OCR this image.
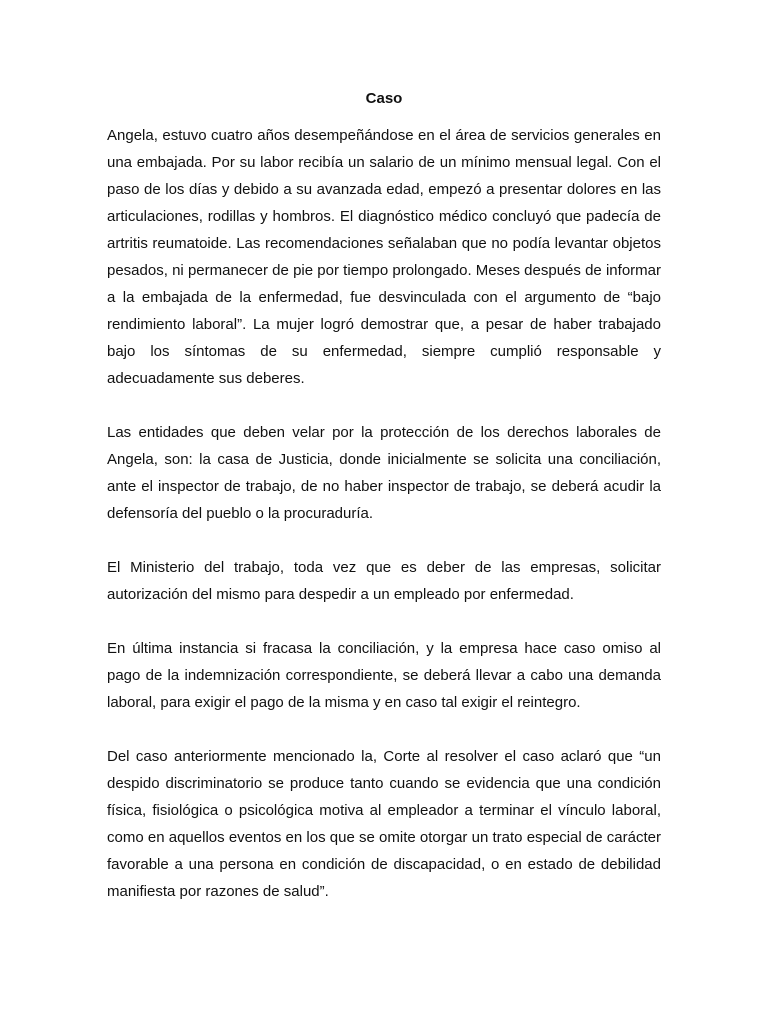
Caso

Angela, estuvo cuatro años desempeñándose en el área de servicios generales en una embajada. Por su labor recibía un salario de un mínimo mensual legal. Con el paso de los días y debido a su avanzada edad, empezó a presentar dolores en las articulaciones, rodillas y hombros. El diagnóstico médico concluyó que padecía de artritis reumatoide. Las recomendaciones señalaban que no podía levantar objetos pesados, ni permanecer de pie por tiempo prolongado. Meses después de informar a la embajada de la enfermedad, fue desvinculada con el argumento de “bajo rendimiento laboral”. La mujer logró demostrar que, a pesar de haber trabajado bajo los síntomas de su enfermedad, siempre cumplió responsable y adecuadamente sus deberes.

Las entidades que deben velar por la protección de los derechos laborales de Angela, son: la casa de Justicia, donde inicialmente se solicita una conciliación, ante el inspector de trabajo, de no haber inspector de trabajo, se deberá acudir la defensoría del pueblo o la procuraduría.

El Ministerio del trabajo, toda vez que es deber de las empresas, solicitar autorización del mismo para despedir a un empleado por enfermedad.

En última instancia si fracasa la conciliación, y la empresa hace caso omiso al pago de la indemnización correspondiente, se deberá llevar a cabo una demanda laboral, para exigir el pago de la misma y en caso tal exigir el reintegro.

Del caso anteriormente mencionado la, Corte al resolver el caso aclaró que “un despido discriminatorio se produce tanto cuando se evidencia que una condición física, fisiológica o psicológica motiva al empleador a terminar el vínculo laboral, como en aquellos eventos en los que se omite otorgar un trato especial de carácter favorable a una persona en condición de discapacidad, o en estado de debilidad manifiesta por razones de salud”.
